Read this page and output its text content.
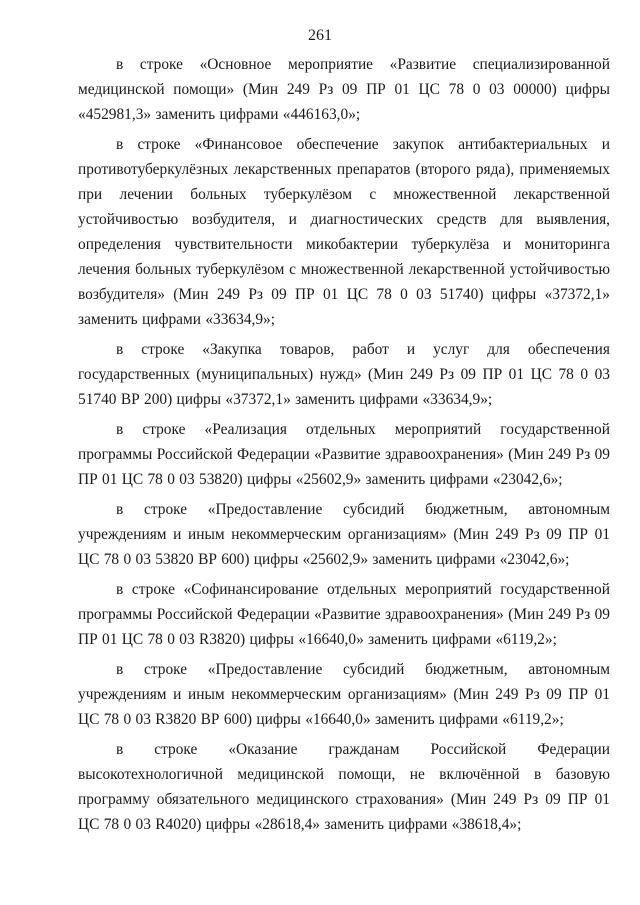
261

в строке «Основное мероприятие «Развитие специализированной медицинской помощи» (Мин 249 Рз 09 ПР 01 ЦС 78 0 03 00000) цифры «452981,3» заменить цифрами «446163,0»;

в строке «Финансовое обеспечение закупок антибактериальных и противотуберкулёзных лекарственных препаратов (второго ряда), применяемых при лечении больных туберкулёзом с множественной лекарственной устойчивостью возбудителя, и диагностических средств для выявления, определения чувствительности микобактерии туберкулёза и мониторинга лечения больных туберкулёзом с множественной лекарственной устойчивостью возбудителя» (Мин 249 Рз 09 ПР 01 ЦС 78 0 03 51740) цифры «37372,1» заменить цифрами «33634,9»;

в строке «Закупка товаров, работ и услуг для обеспечения государственных (муниципальных) нужд» (Мин 249 Рз 09 ПР 01 ЦС 78 0 03 51740 ВР 200) цифры «37372,1» заменить цифрами «33634,9»;

в строке «Реализация отдельных мероприятий государственной программы Российской Федерации «Развитие здравоохранения» (Мин 249 Рз 09 ПР 01 ЦС 78 0 03 53820) цифры «25602,9» заменить цифрами «23042,6»;

в строке «Предоставление субсидий бюджетным, автономным учреждениям и иным некоммерческим организациям» (Мин 249 Рз 09 ПР 01 ЦС 78 0 03 53820 ВР 600) цифры «25602,9» заменить цифрами «23042,6»;

в строке «Софинансирование отдельных мероприятий государственной программы Российской Федерации «Развитие здравоохранения» (Мин 249 Рз 09 ПР 01 ЦС 78 0 03 R3820) цифры «16640,0» заменить цифрами «6119,2»;

в строке «Предоставление субсидий бюджетным, автономным учреждениям и иным некоммерческим организациям» (Мин 249 Рз 09 ПР 01 ЦС 78 0 03 R3820 ВР 600) цифры «16640,0» заменить цифрами «6119,2»;

в строке «Оказание гражданам Российской Федерации высокотехнологичной медицинской помощи, не включённой в базовую программу обязательного медицинского страхования» (Мин 249 Рз 09 ПР 01 ЦС 78 0 03 R4020) цифры «28618,4» заменить цифрами «38618,4»;
